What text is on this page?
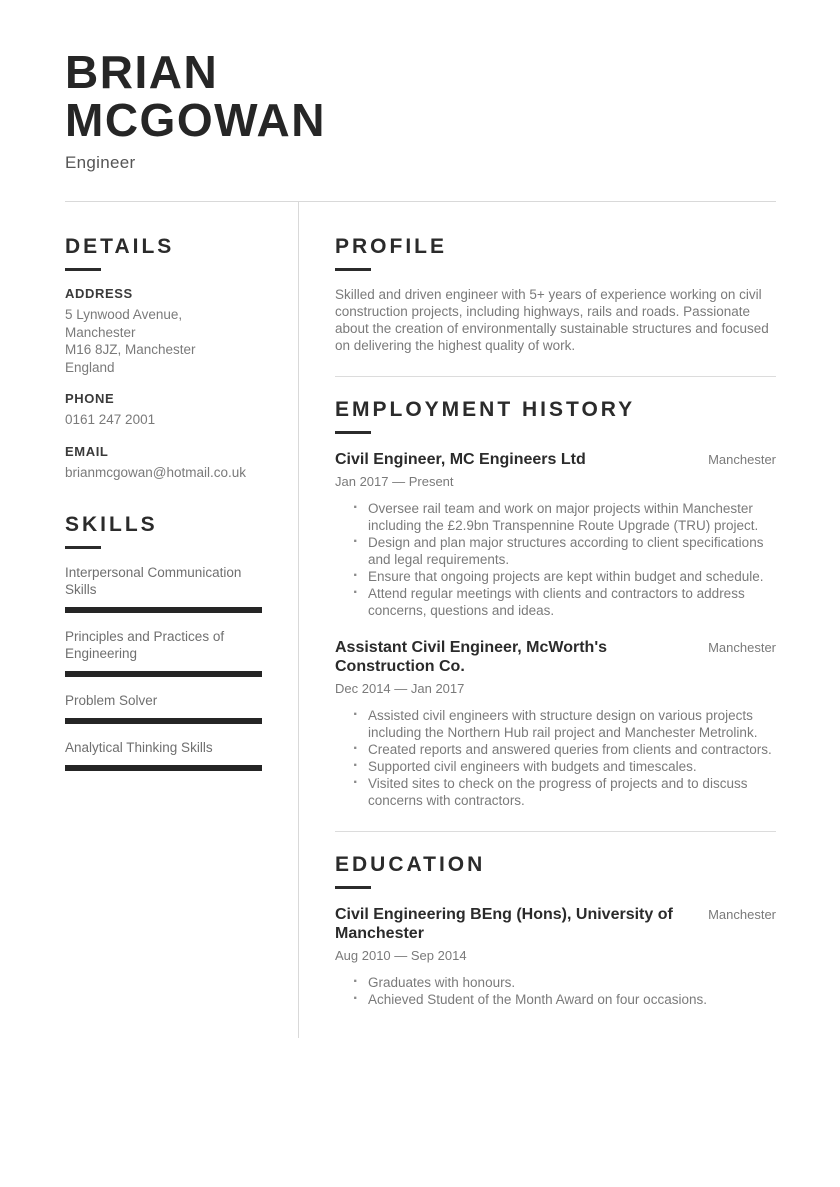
BRIAN
MCGOWAN
Engineer
DETAILS
ADDRESS
5 Lynwood Avenue,
Manchester
M16 8JZ, Manchester
England
PHONE
0161 247 2001
EMAIL
brianmcgowan@hotmail.co.uk
SKILLS
Interpersonal Communication Skills
Principles and Practices of Engineering
Problem Solver
Analytical Thinking Skills
PROFILE

Skilled and driven engineer with 5+ years of experience working on civil construction projects, including highways, rails and roads. Passionate about the creation of environmentally sustainable structures and focused on delivering the highest quality of work.

EMPLOYMENT HISTORY
Civil Engineer, MC Engineers Ltd	Manchester
Jan 2017 — Present
· Oversee rail team and work on major projects within Manchester including the £2.9bn Transpennine Route Upgrade (TRU) project.
· Design and plan major structures according to client specifications and legal requirements.
· Ensure that ongoing projects are kept within budget and schedule.
· Attend regular meetings with clients and contractors to address concerns, questions and ideas.
Assistant Civil Engineer, McWorth's Construction Co.
Manchester
Dec 2014 — Jan 2017
· Assisted civil engineers with structure design on various projects including the Northern Hub rail project and Manchester Metrolink.
· Created reports and answered queries from clients and contractors.
· Supported civil engineers with budgets and timescales.
· Visited sites to check on the progress of projects and to discuss concerns with contractors.
EDUCATION
Civil Engineering BEng (Hons), University of Manchester
Manchester
Aug 2010 — Sep 2014
· Graduates with honours.
· Achieved Student of the Month Award on four occasions.
